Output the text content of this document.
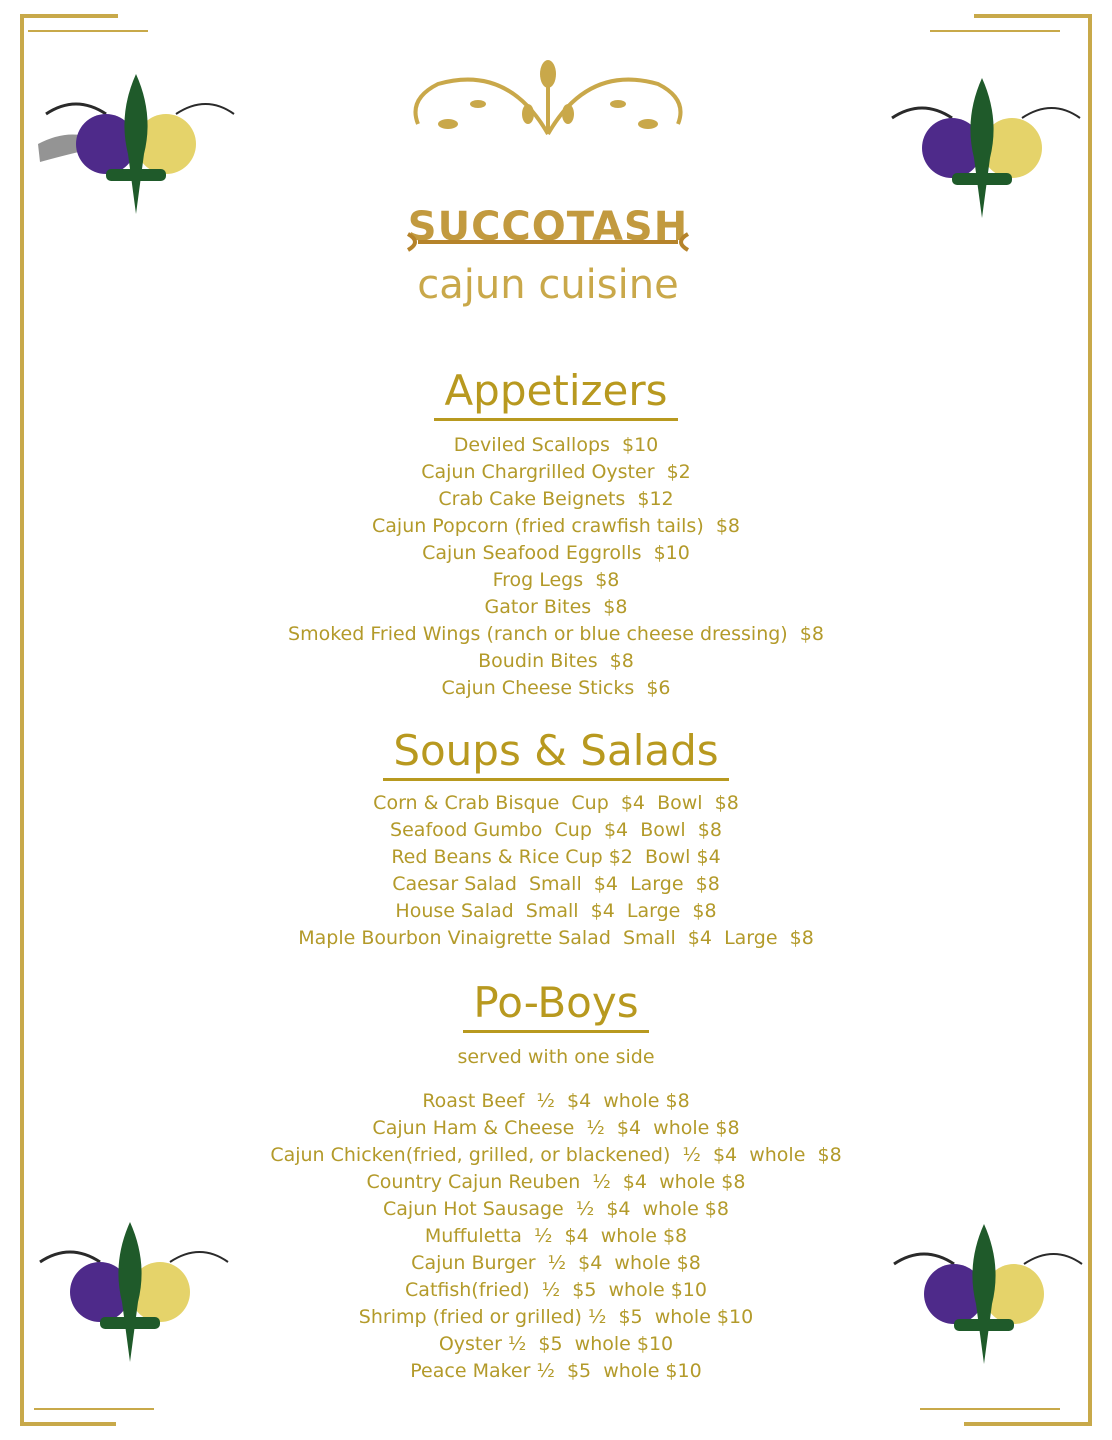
SUCCOTASH
cajun cuisine
Appetizers

Deviled Scallops  $10

Cajun Chargrilled Oyster  $2

Crab Cake Beignets  $12

Cajun Popcorn (fried crawfish tails)  $8

Cajun Seafood Eggrolls  $10

Frog Legs  $8

Gator Bites  $8

Smoked Fried Wings (ranch or blue cheese dressing)  $8

Boudin Bites  $8

Cajun Cheese Sticks  $6

Soups & Salads

Corn & Crab Bisque  Cup  $4  Bowl  $8

Seafood Gumbo  Cup  $4  Bowl  $8

Red Beans & Rice Cup $2  Bowl $4

Caesar Salad  Small  $4  Large  $8

House Salad  Small  $4  Large  $8

Maple Bourbon Vinaigrette Salad  Small  $4  Large  $8

Po-Boys
served with one side

Roast Beef  ½  $4  whole $8

Cajun Ham & Cheese  ½  $4  whole $8

Cajun Chicken(fried, grilled, or blackened)  ½  $4  whole  $8

Country Cajun Reuben  ½  $4  whole $8

Cajun Hot Sausage  ½  $4  whole $8

Muffuletta  ½  $4  whole $8

Cajun Burger  ½  $4  whole $8

Catfish(fried)  ½  $5  whole $10

Shrimp (fried or grilled) ½  $5  whole $10

Oyster ½  $5  whole $10

Peace Maker ½  $5  whole $10
